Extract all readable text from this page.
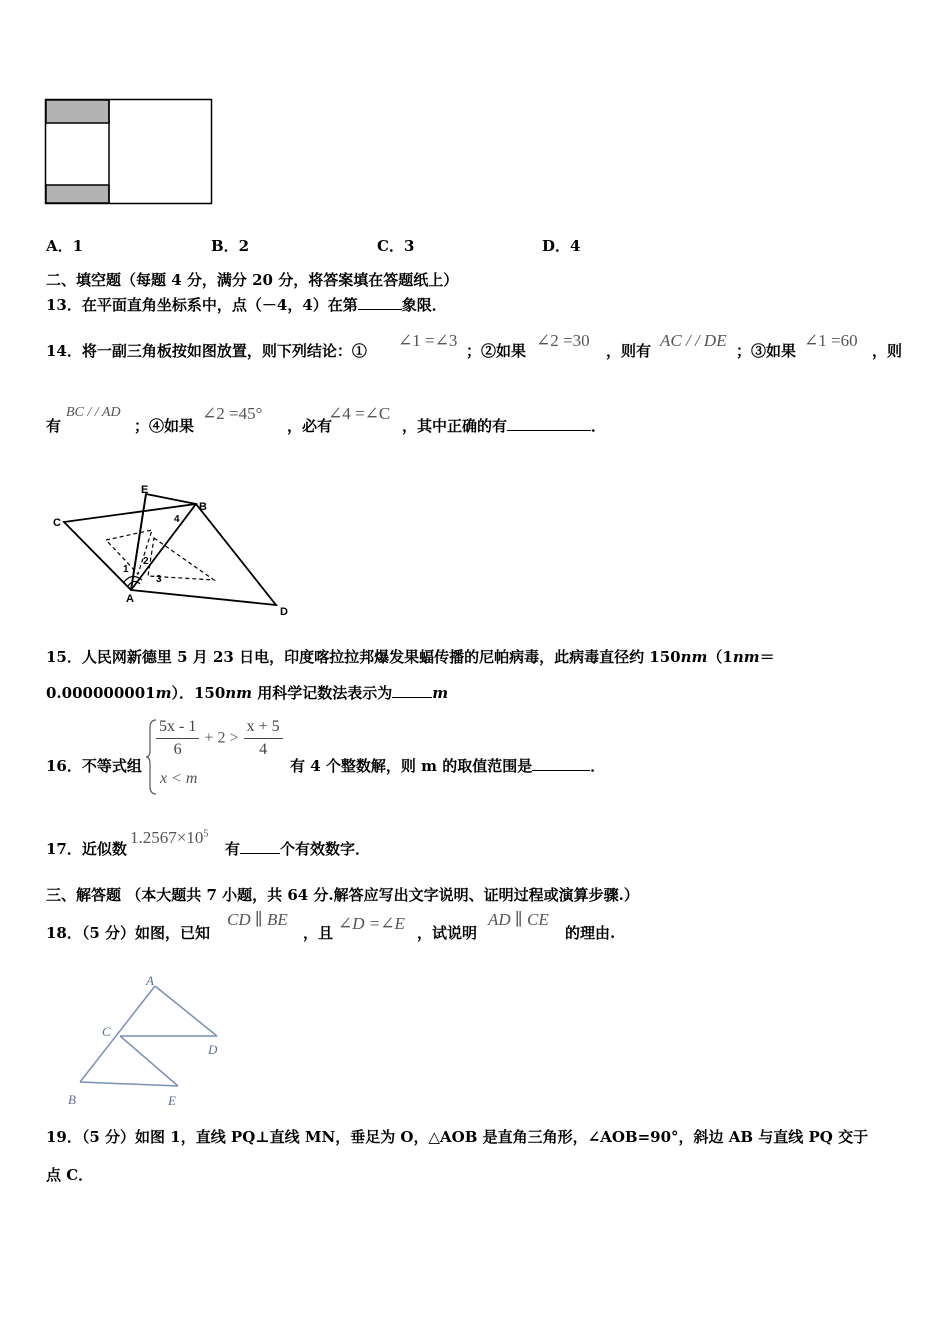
A．1	B．2	C．3	D．4
二、填空题（每题 4 分，满分 20 分，将答案填在答题纸上）
13．在平面直角坐标系中，点（－4，4）在第	象限．
14．将一副三角板按如图放置，则下列结论：①
∠1 =∠3
；②如果
∠2 =30
，则有
AC / / DE
；③如果
∠1 =60
，则
有
BC / / AD
；④如果
∠2 =45°
，必有
∠4 =∠C
，其中正确的有	．
E
B
C
A
D
1
2
3
4
15．人民网新德里 5 月 23 日电，印度喀拉拉邦爆发果蝠传播的尼帕病毒，此病毒直径约 150nm（1nm＝
0.000000001m）．150nm 用科学记数法表示为	m
16．不等式组
$\frac{5x - 1}{6} + 2 > \frac{x + 5}{4}$
x < m
有 4 个整数解，则 m 的取值范围是	．
17．近似数
$1.2567\times 10^5$
有	个有效数字．
三、解答题 （本大题共 7 小题，共 64 分.解答应写出文字说明、证明过程或演算步骤.）
18．（5 分）如图，已知
CD ∥ BE
，且 ∠D =∠E ，试说明
AD ∥ CE
的理由.
A
C
D
B	E
19．（5 分）如图 1，直线 PQ⊥直线 MN，垂足为 O，△AOB 是直角三角形，∠AOB=90°，斜边 AB 与直线 PQ 交于
点 C．
